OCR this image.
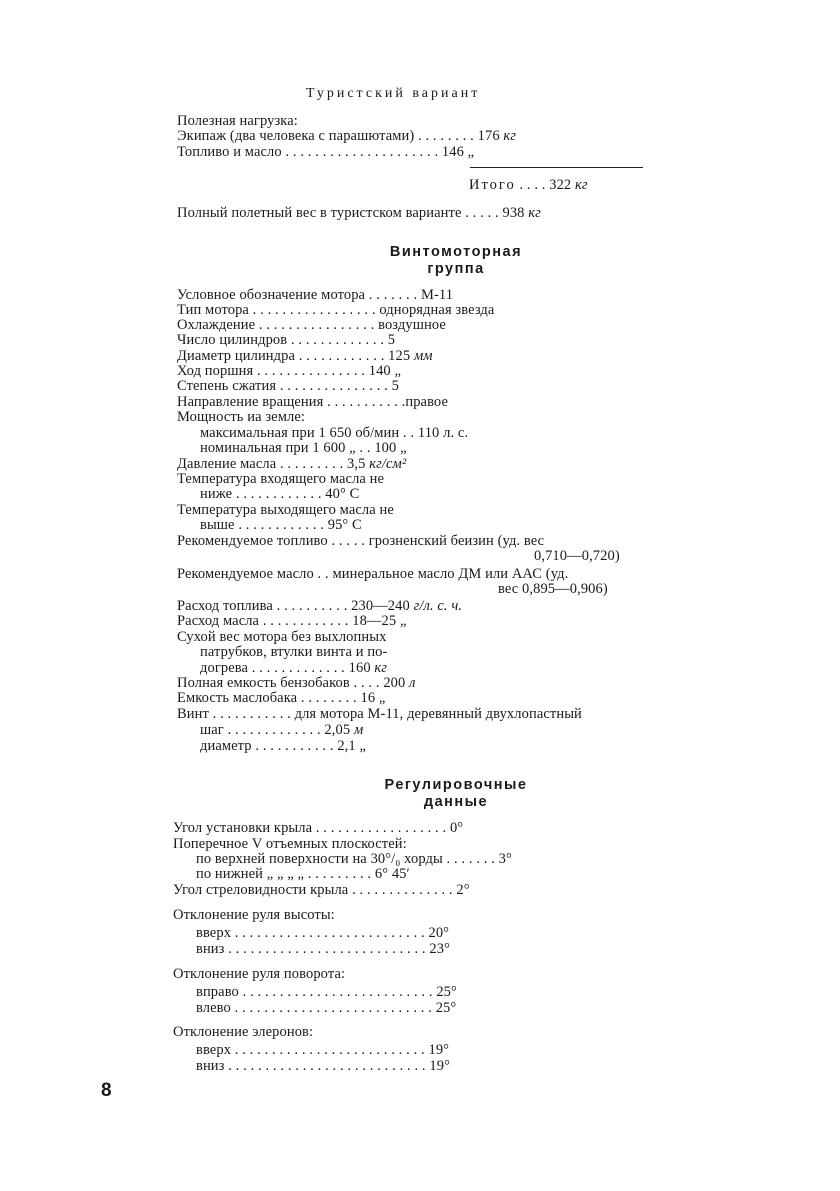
Туристский вариант
Полезная нагрузка:
Экипаж (два человека с парашютами) . . . . . . . . 176 кг
Топливо и масло . . . . . . . . . . . . . . . . . . . . . 146 „
Итого . . . . 322 кг
Полный полетный вес в туристском варианте . . . . . 938 кг
Винтомоторная
группа
Условное обозначение мотора . . . . . . . М-11
Тип мотора . . . . . . . . . . . . . . . . . однорядная звезда
Охлаждение . . . . . . . . . . . . . . . . воздушное
Число цилиндров . . . . . . . . . . . . . 5
Диаметр цилиндра . . . . . . . . . . . . 125 мм
Ход поршня . . . . . . . . . . . . . . . 140 „
Степень сжатия . . . . . . . . . . . . . . . 5
Направление вращения . . . . . . . . . . .правое
Мощность иа земле:
максимальная при 1 650 об/мин . . 110 л. с.
номинальная при 1 600 „ . . 100 „
Давление масла . . . . . . . . . 3,5 кг/см²
Температура входящего масла не
ниже . . . . . . . . . . . . 40° С
Температура выходящего масла не
выше . . . . . . . . . . . . 95° С
Рекомендуемое топливо . . . . . грозненский беизин (уд. вес
0,710—0,720)
Рекомендуемое масло . . минеральное масло ДМ или ААС (уд.
вес 0,895—0,906)
Расход топлива . . . . . . . . . . 230—240 г/л. с. ч.
Расход масла . . . . . . . . . . . . 18—25 „
Сухой вес мотора без выхлопных
патрубков, втулки винта и по-
догрева . . . . . . . . . . . . . 160 кг
Полная емкость бензобаков . . . . 200 л
Емкость маслобака . . . . . . . . 16 „
Винт . . . . . . . . . . . для мотора М-11, деревянный двухлопастный
шаг . . . . . . . . . . . . . 2,05 м
диаметр . . . . . . . . . . . 2,1 „
Регулировочные
данные
Угол установки крыла . . . . . . . . . . . . . . . . . . 0°
Поперечное V отъемных плоскостей:
по верхней поверхности на 30°/₀ хорды . . . . . . . 3°
по нижней „ „ „ „ . . . . . . . . . 6° 45′
Угол стреловидности крыла . . . . . . . . . . . . . . 2°
Отклонение руля высоты:
вверх . . . . . . . . . . . . . . . . . . . . . . . . . . 20°
вниз . . . . . . . . . . . . . . . . . . . . . . . . . . . 23°
Отклонение руля поворота:
вправо . . . . . . . . . . . . . . . . . . . . . . . . . . 25°
влево . . . . . . . . . . . . . . . . . . . . . . . . . . . 25°
Отклонение элеронов:
вверх . . . . . . . . . . . . . . . . . . . . . . . . . . 19°
вниз . . . . . . . . . . . . . . . . . . . . . . . . . . . 19°
8
